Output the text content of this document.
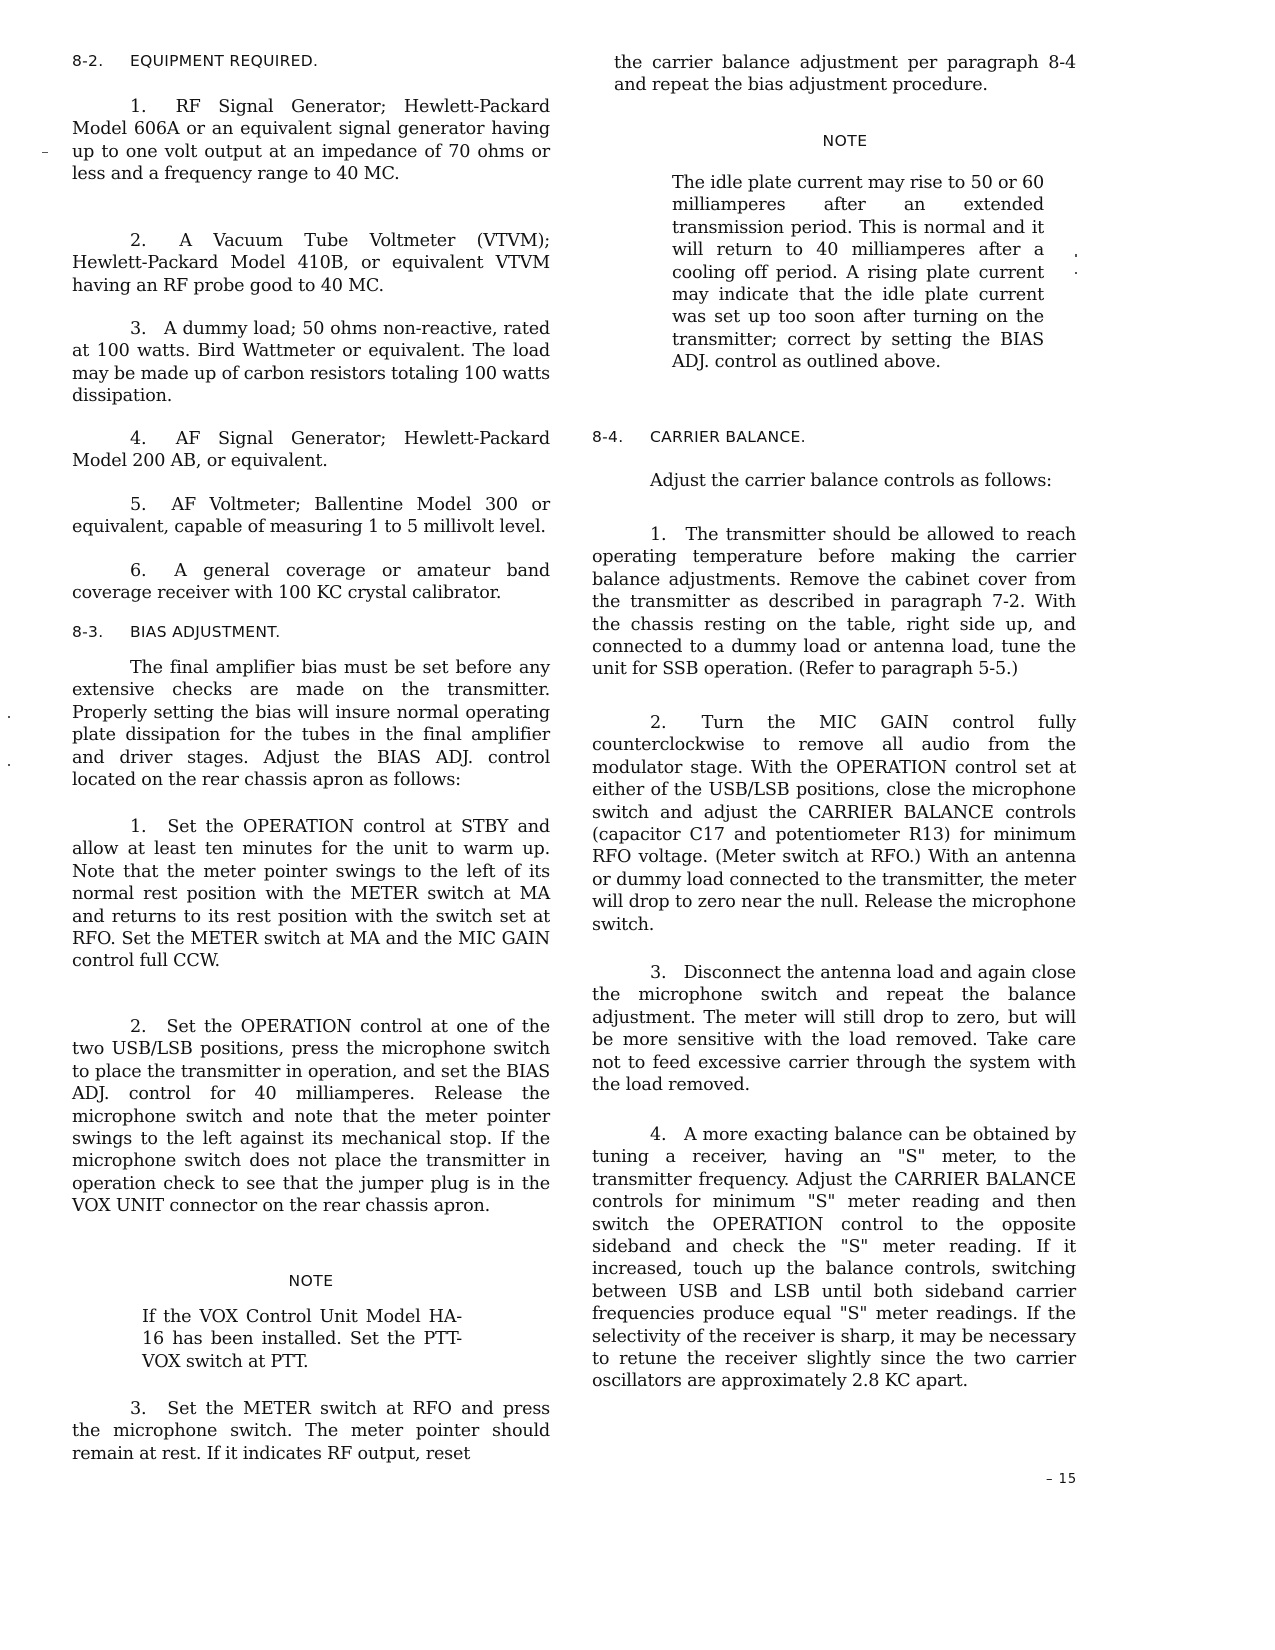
8-2. EQUIPMENT REQUIRED.

1. RF Signal Generator; Hewlett-Packard Model 606A or an equivalent signal generator having up to one volt output at an impedance of 70 ohms or less and a frequency range to 40 MC.

2. A Vacuum Tube Voltmeter (VTVM); Hewlett-Packard Model 410B, or equivalent VTVM having an RF probe good to 40 MC.

3. A dummy load; 50 ohms non-reactive, rated at 100 watts. Bird Wattmeter or equivalent. The load may be made up of carbon resistors totaling 100 watts dissipation.

4. AF Signal Generator; Hewlett-Packard Model 200 AB, or equivalent.

5. AF Voltmeter; Ballentine Model 300 or equivalent, capable of measuring 1 to 5 millivolt level.

6. A general coverage or amateur band coverage receiver with 100 KC crystal calibrator.

8-3. BIAS ADJUSTMENT.

The final amplifier bias must be set before any extensive checks are made on the transmitter. Properly setting the bias will insure normal operating plate dissipation for the tubes in the final amplifier and driver stages. Adjust the BIAS ADJ. control located on the rear chassis apron as follows:

1. Set the OPERATION control at STBY and allow at least ten minutes for the unit to warm up. Note that the meter pointer swings to the left of its normal rest position with the METER switch at MA and returns to its rest position with the switch set at RFO. Set the METER switch at MA and the MIC GAIN control full CCW.

2. Set the OPERATION control at one of the two USB/LSB positions, press the microphone switch to place the transmitter in operation, and set the BIAS ADJ. control for 40 milliamperes. Release the microphone switch and note that the meter pointer swings to the left against its mechanical stop. If the microphone switch does not place the transmitter in operation check to see that the jumper plug is in the VOX UNIT connector on the rear chassis apron.

NOTE

If the VOX Control Unit Model HA-16 has been installed. Set the PTT-VOX switch at PTT.

3. Set the METER switch at RFO and press the microphone switch. The meter pointer should remain at rest. If it indicates RF output, reset

the carrier balance adjustment per paragraph 8-4 and repeat the bias adjustment procedure.

NOTE

The idle plate current may rise to 50 or 60 milliamperes after an extended transmission period. This is normal and it will return to 40 milliamperes after a cooling off period. A rising plate current may indicate that the idle plate current was set up too soon after turning on the transmitter; correct by setting the BIAS ADJ. control as outlined above.

8-4. CARRIER BALANCE.

Adjust the carrier balance controls as follows:

1. The transmitter should be allowed to reach operating temperature before making the carrier balance adjustments. Remove the cabinet cover from the transmitter as described in paragraph 7-2. With the chassis resting on the table, right side up, and connected to a dummy load or antenna load, tune the unit for SSB operation. (Refer to paragraph 5-5.)

2. Turn the MIC GAIN control fully counterclockwise to remove all audio from the modulator stage. With the OPERATION control set at either of the USB/LSB positions, close the microphone switch and adjust the CARRIER BALANCE controls (capacitor C17 and potentiometer R13) for minimum RFO voltage. (Meter switch at RFO.) With an antenna or dummy load connected to the transmitter, the meter will drop to zero near the null. Release the microphone switch.

3. Disconnect the antenna load and again close the microphone switch and repeat the balance adjustment. The meter will still drop to zero, but will be more sensitive with the load removed. Take care not to feed excessive carrier through the system with the load removed.

4. A more exacting balance can be obtained by tuning a receiver, having an "S" meter, to the transmitter frequency. Adjust the CARRIER BALANCE controls for minimum "S" meter reading and then switch the OPERATION control to the opposite sideband and check the "S" meter reading. If it increased, touch up the balance controls, switching between USB and LSB until both sideband carrier frequencies produce equal "S" meter readings. If the selectivity of the receiver is sharp, it may be necessary to retune the receiver slightly since the two carrier oscillators are approximately 2.8 KC apart.

– 15
